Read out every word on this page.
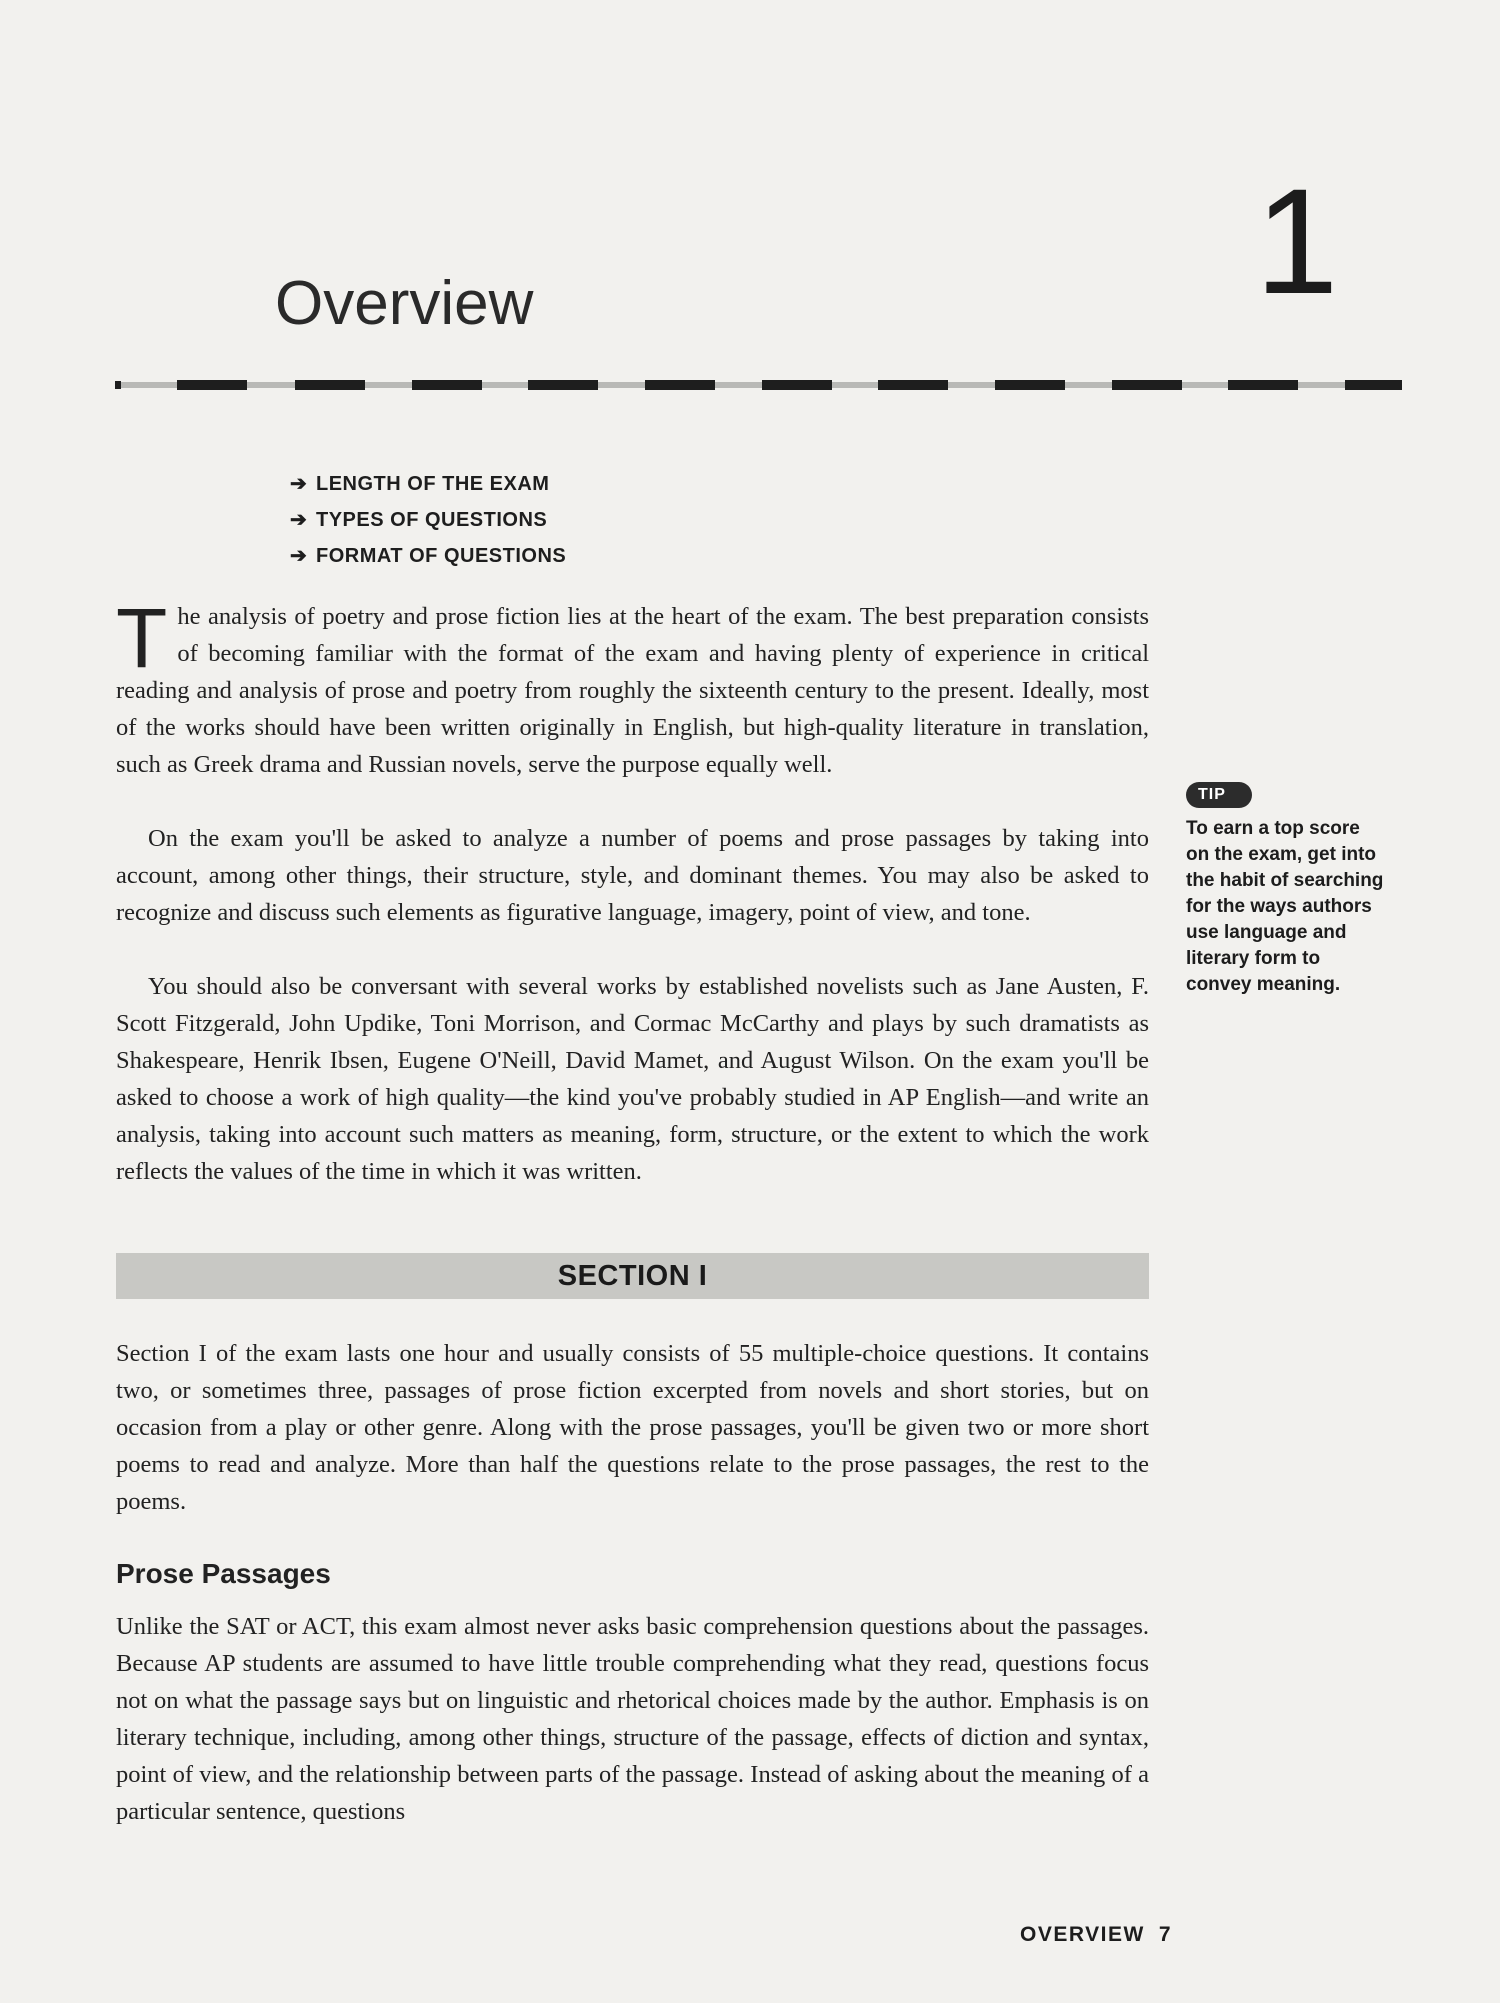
Overview	1
➔ LENGTH OF THE EXAM
➔ TYPES OF QUESTIONS
➔ FORMAT OF QUESTIONS

The analysis of poetry and prose fiction lies at the heart of the exam. The best preparation consists of becoming familiar with the format of the exam and having plenty of experience in critical reading and analysis of prose and poetry from roughly the sixteenth century to the present. Ideally, most of the works should have been written originally in English, but high-quality literature in translation, such as Greek drama and Russian novels, serve the purpose equally well.

On the exam you'll be asked to analyze a number of poems and prose passages by taking into account, among other things, their structure, style, and dominant themes. You may also be asked to recognize and discuss such elements as figurative language, imagery, point of view, and tone.

You should also be conversant with several works by established novelists such as Jane Austen, F. Scott Fitzgerald, John Updike, Toni Morrison, and Cormac McCarthy and plays by such dramatists as Shakespeare, Henrik Ibsen, Eugene O'Neill, David Mamet, and August Wilson. On the exam you'll be asked to choose a work of high quality—the kind you've probably studied in AP English—and write an analysis, taking into account such matters as meaning, form, structure, or the extent to which the work reflects the values of the time in which it was written.

TIP
To earn a top score on the exam, get into the habit of searching for the ways authors use language and literary form to convey meaning.
SECTION I

Section I of the exam lasts one hour and usually consists of 55 multiple-choice questions. It contains two, or sometimes three, passages of prose fiction excerpted from novels and short stories, but on occasion from a play or other genre. Along with the prose passages, you'll be given two or more short poems to read and analyze. More than half the questions relate to the prose passages, the rest to the poems.

Prose Passages

Unlike the SAT or ACT, this exam almost never asks basic comprehension questions about the passages. Because AP students are assumed to have little trouble comprehending what they read, questions focus not on what the passage says but on linguistic and rhetorical choices made by the author. Emphasis is on literary technique, including, among other things, structure of the passage, effects of diction and syntax, point of view, and the relationship between parts of the passage. Instead of asking about the meaning of a particular sentence, questions

OVERVIEW 7
